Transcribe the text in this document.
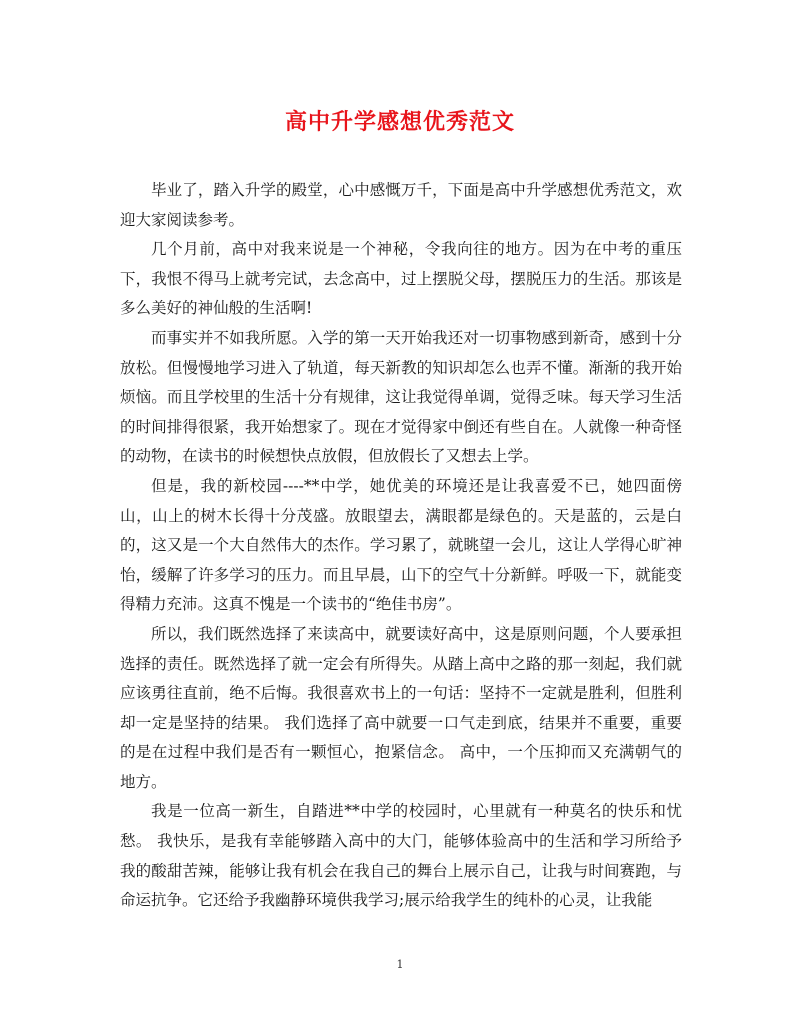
高中升学感想优秀范文

毕业了，踏入升学的殿堂，心中感慨万千，下面是高中升学感想优秀范文，欢迎大家阅读参考。

几个月前，高中对我来说是一个神秘，令我向往的地方。因为在中考的重压下，我恨不得马上就考完试，去念高中，过上摆脱父母，摆脱压力的生活。那该是多么美好的神仙般的生活啊!

而事实并不如我所愿。入学的第一天开始我还对一切事物感到新奇，感到十分放松。但慢慢地学习进入了轨道，每天新教的知识却怎么也弄不懂。渐渐的我开始烦恼。而且学校里的生活十分有规律，这让我觉得单调，觉得乏味。每天学习生活的时间排得很紧，我开始想家了。现在才觉得家中倒还有些自在。人就像一种奇怪的动物，在读书的时候想快点放假，但放假长了又想去上学。

但是，我的新校园----**中学，她优美的环境还是让我喜爱不已，她四面傍山，山上的树木长得十分茂盛。放眼望去，满眼都是绿色的。天是蓝的，云是白的，这又是一个大自然伟大的杰作。学习累了，就眺望一会儿，这让人学得心旷神怡，缓解了许多学习的压力。而且早晨，山下的空气十分新鲜。呼吸一下，就能变得精力充沛。这真不愧是一个读书的“绝佳书房”。

所以，我们既然选择了来读高中，就要读好高中，这是原则问题，个人要承担选择的责任。既然选择了就一定会有所得失。从踏上高中之路的那一刻起，我们就应该勇往直前，绝不后悔。我很喜欢书上的一句话：坚持不一定就是胜利，但胜利却一定是坚持的结果。 我们选择了高中就要一口气走到底，结果并不重要，重要的是在过程中我们是否有一颗恒心，抱紧信念。 高中，一个压抑而又充满朝气的地方。

我是一位高一新生，自踏进**中学的校园时，心里就有一种莫名的快乐和忧愁。 我快乐，是我有幸能够踏入高中的大门，能够体验高中的生活和学习所给予我的酸甜苦辣，能够让我有机会在我自己的舞台上展示自己，让我与时间赛跑，与命运抗争。它还给予我幽静环境供我学习;展示给我学生的纯朴的心灵，让我能

1
